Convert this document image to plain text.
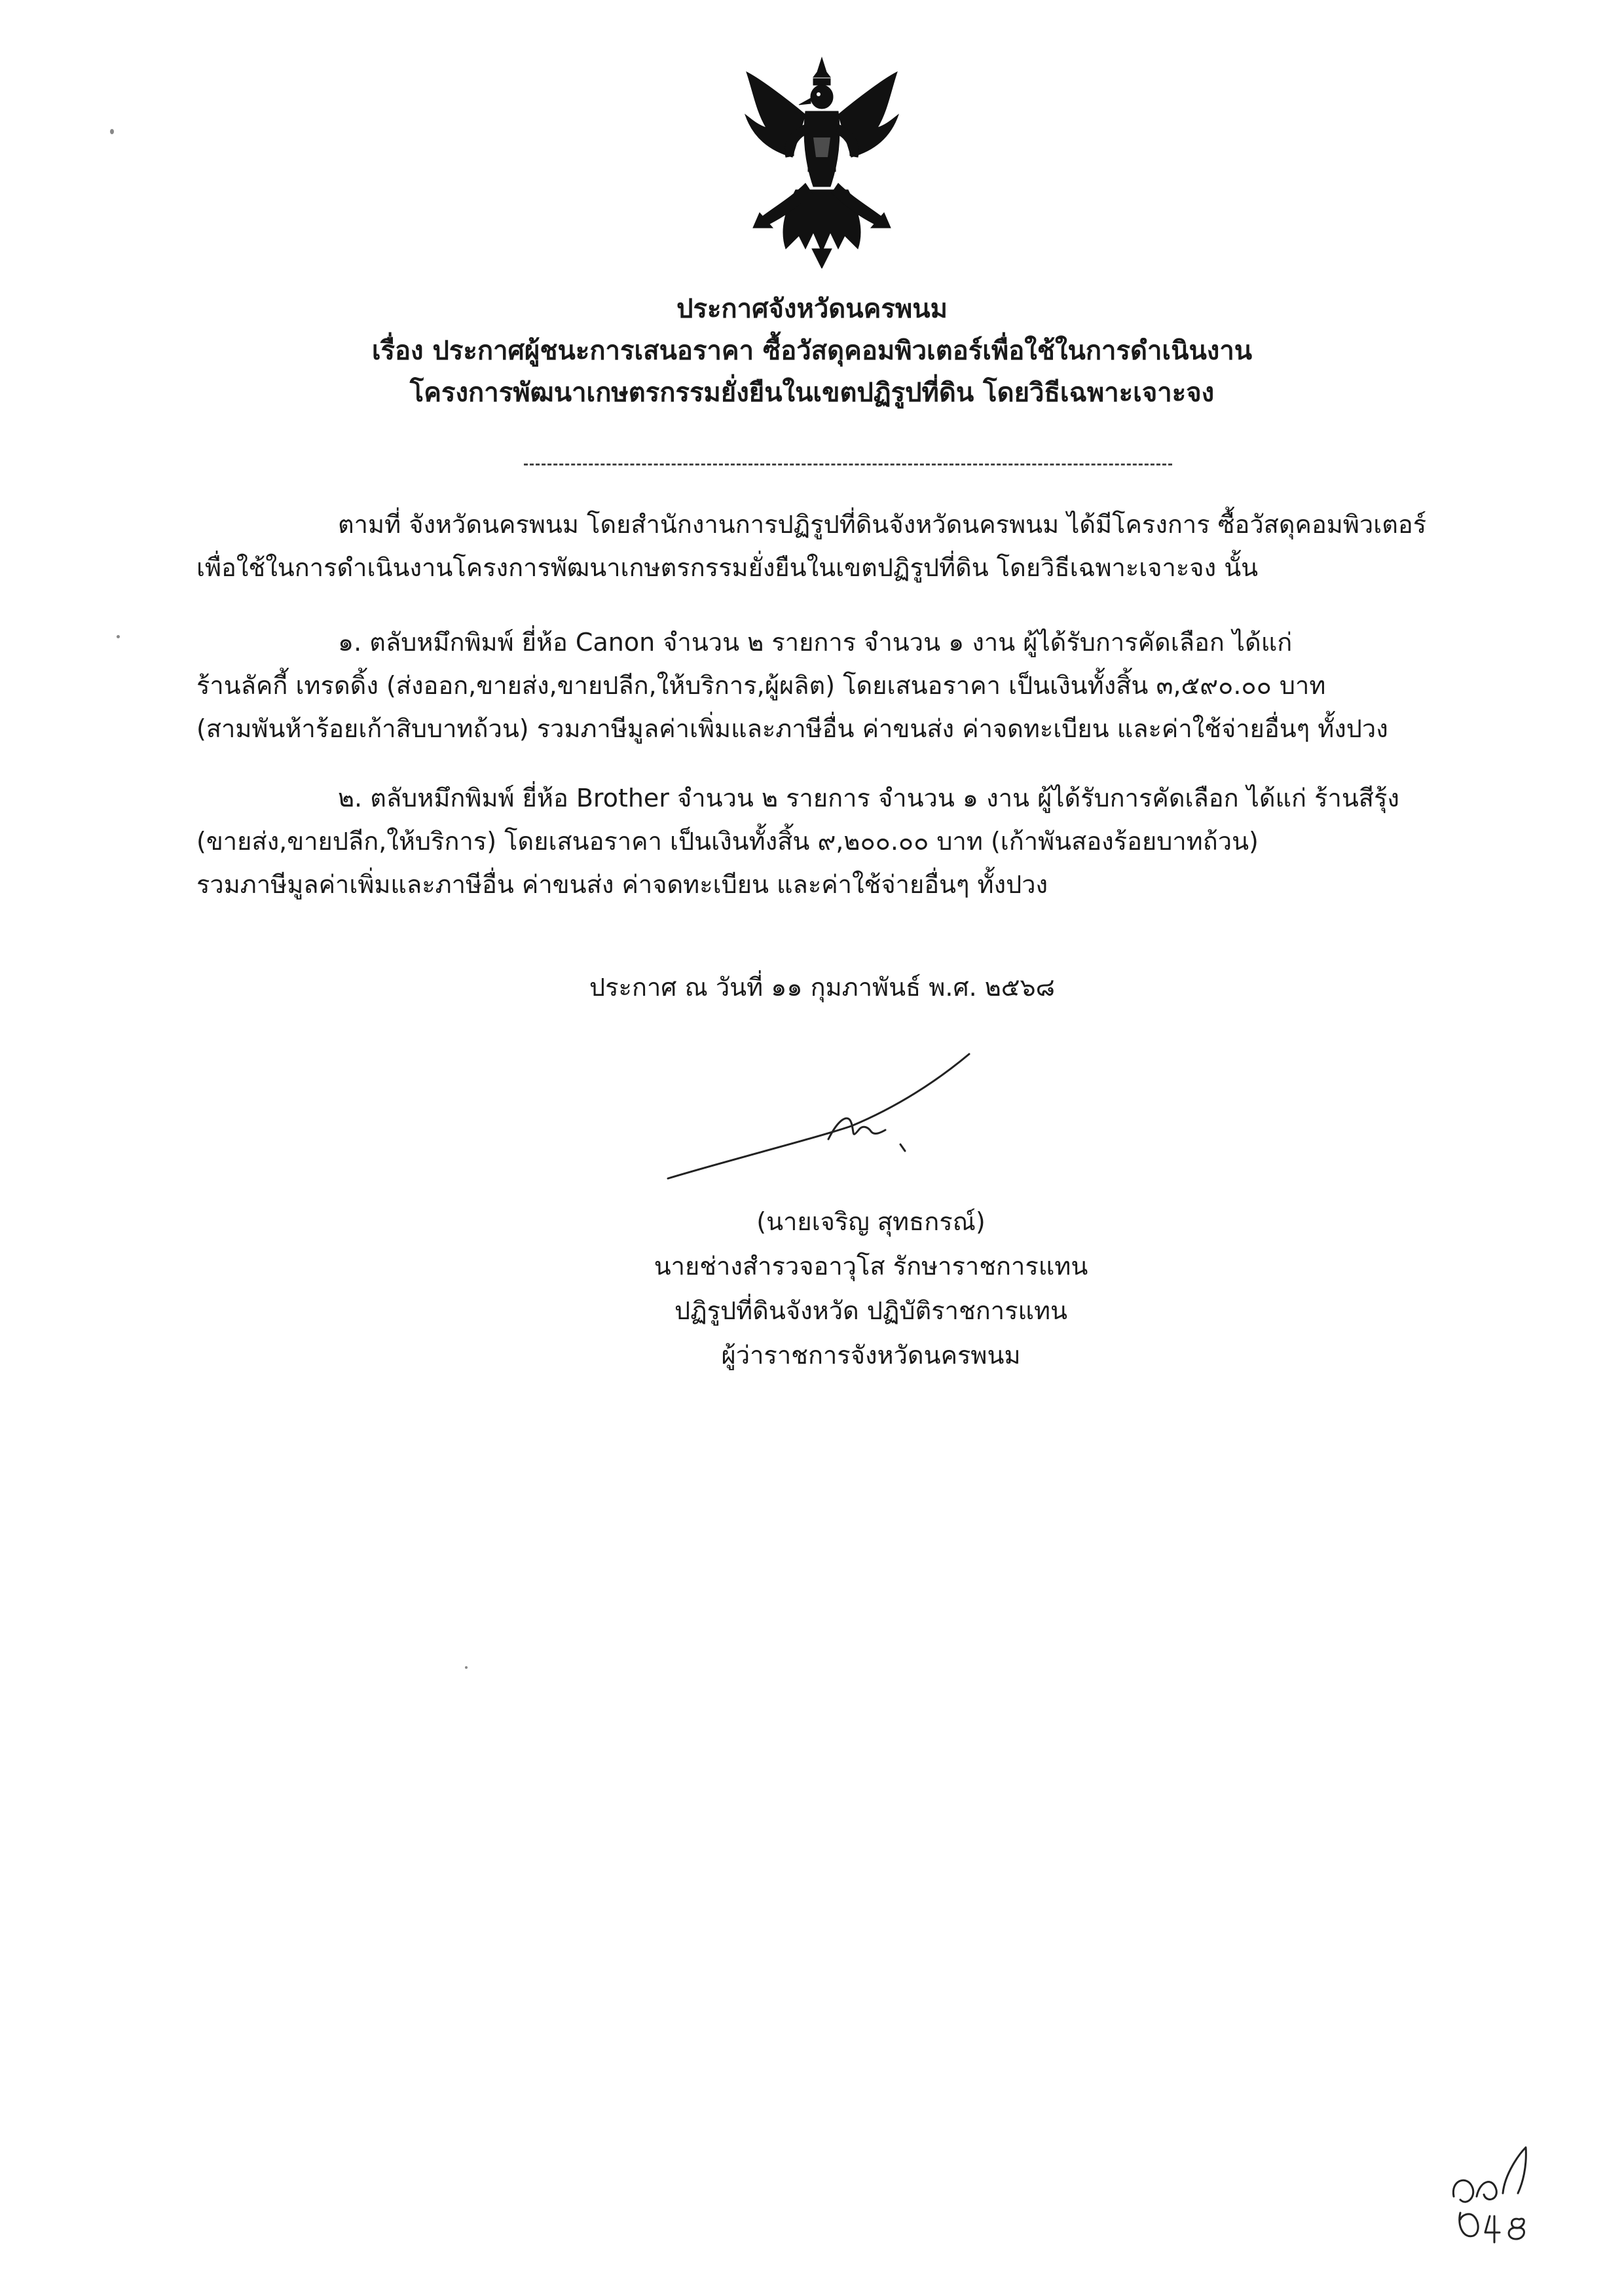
ประกาศจังหวัดนครพนม
เรื่อง ประกาศผู้ชนะการเสนอราคา ซื้อวัสดุคอมพิวเตอร์เพื่อใช้ในการดำเนินงาน
โครงการพัฒนาเกษตรกรรมยั่งยืนในเขตปฏิรูปที่ดิน โดยวิธีเฉพาะเจาะจง
ตามที่ จังหวัดนครพนม โดยสำนักงานการปฏิรูปที่ดินจังหวัดนครพนม ได้มีโครงการ ซื้อวัสดุคอมพิวเตอร์
เพื่อใช้ในการดำเนินงานโครงการพัฒนาเกษตรกรรมยั่งยืนในเขตปฏิรูปที่ดิน โดยวิธีเฉพาะเจาะจง นั้น
๑. ตลับหมึกพิมพ์ ยี่ห้อ Canon จำนวน ๒ รายการ จำนวน ๑ งาน ผู้ได้รับการคัดเลือก ได้แก่
ร้านลัคกี้ เทรดดิ้ง (ส่งออก,ขายส่ง,ขายปลีก,ให้บริการ,ผู้ผลิต) โดยเสนอราคา เป็นเงินทั้งสิ้น ๓,๕๙๐.๐๐ บาท
(สามพันห้าร้อยเก้าสิบบาทถ้วน) รวมภาษีมูลค่าเพิ่มและภาษีอื่น ค่าขนส่ง ค่าจดทะเบียน และค่าใช้จ่ายอื่นๆ ทั้งปวง
๒. ตลับหมึกพิมพ์ ยี่ห้อ Brother จำนวน ๒ รายการ จำนวน ๑ งาน ผู้ได้รับการคัดเลือก ได้แก่ ร้านสีรุ้ง
(ขายส่ง,ขายปลีก,ให้บริการ) โดยเสนอราคา เป็นเงินทั้งสิ้น ๙,๒๐๐.๐๐ บาท (เก้าพันสองร้อยบาทถ้วน)
รวมภาษีมูลค่าเพิ่มและภาษีอื่น ค่าขนส่ง ค่าจดทะเบียน และค่าใช้จ่ายอื่นๆ ทั้งปวง
ประกาศ ณ วันที่ ๑๑ กุมภาพันธ์ พ.ศ. ๒๕๖๘
(นายเจริญ สุทธกรณ์)
นายช่างสำรวจอาวุโส รักษาราชการแทน
ปฏิรูปที่ดินจังหวัด ปฏิบัติราชการแทน
ผู้ว่าราชการจังหวัดนครพนม
